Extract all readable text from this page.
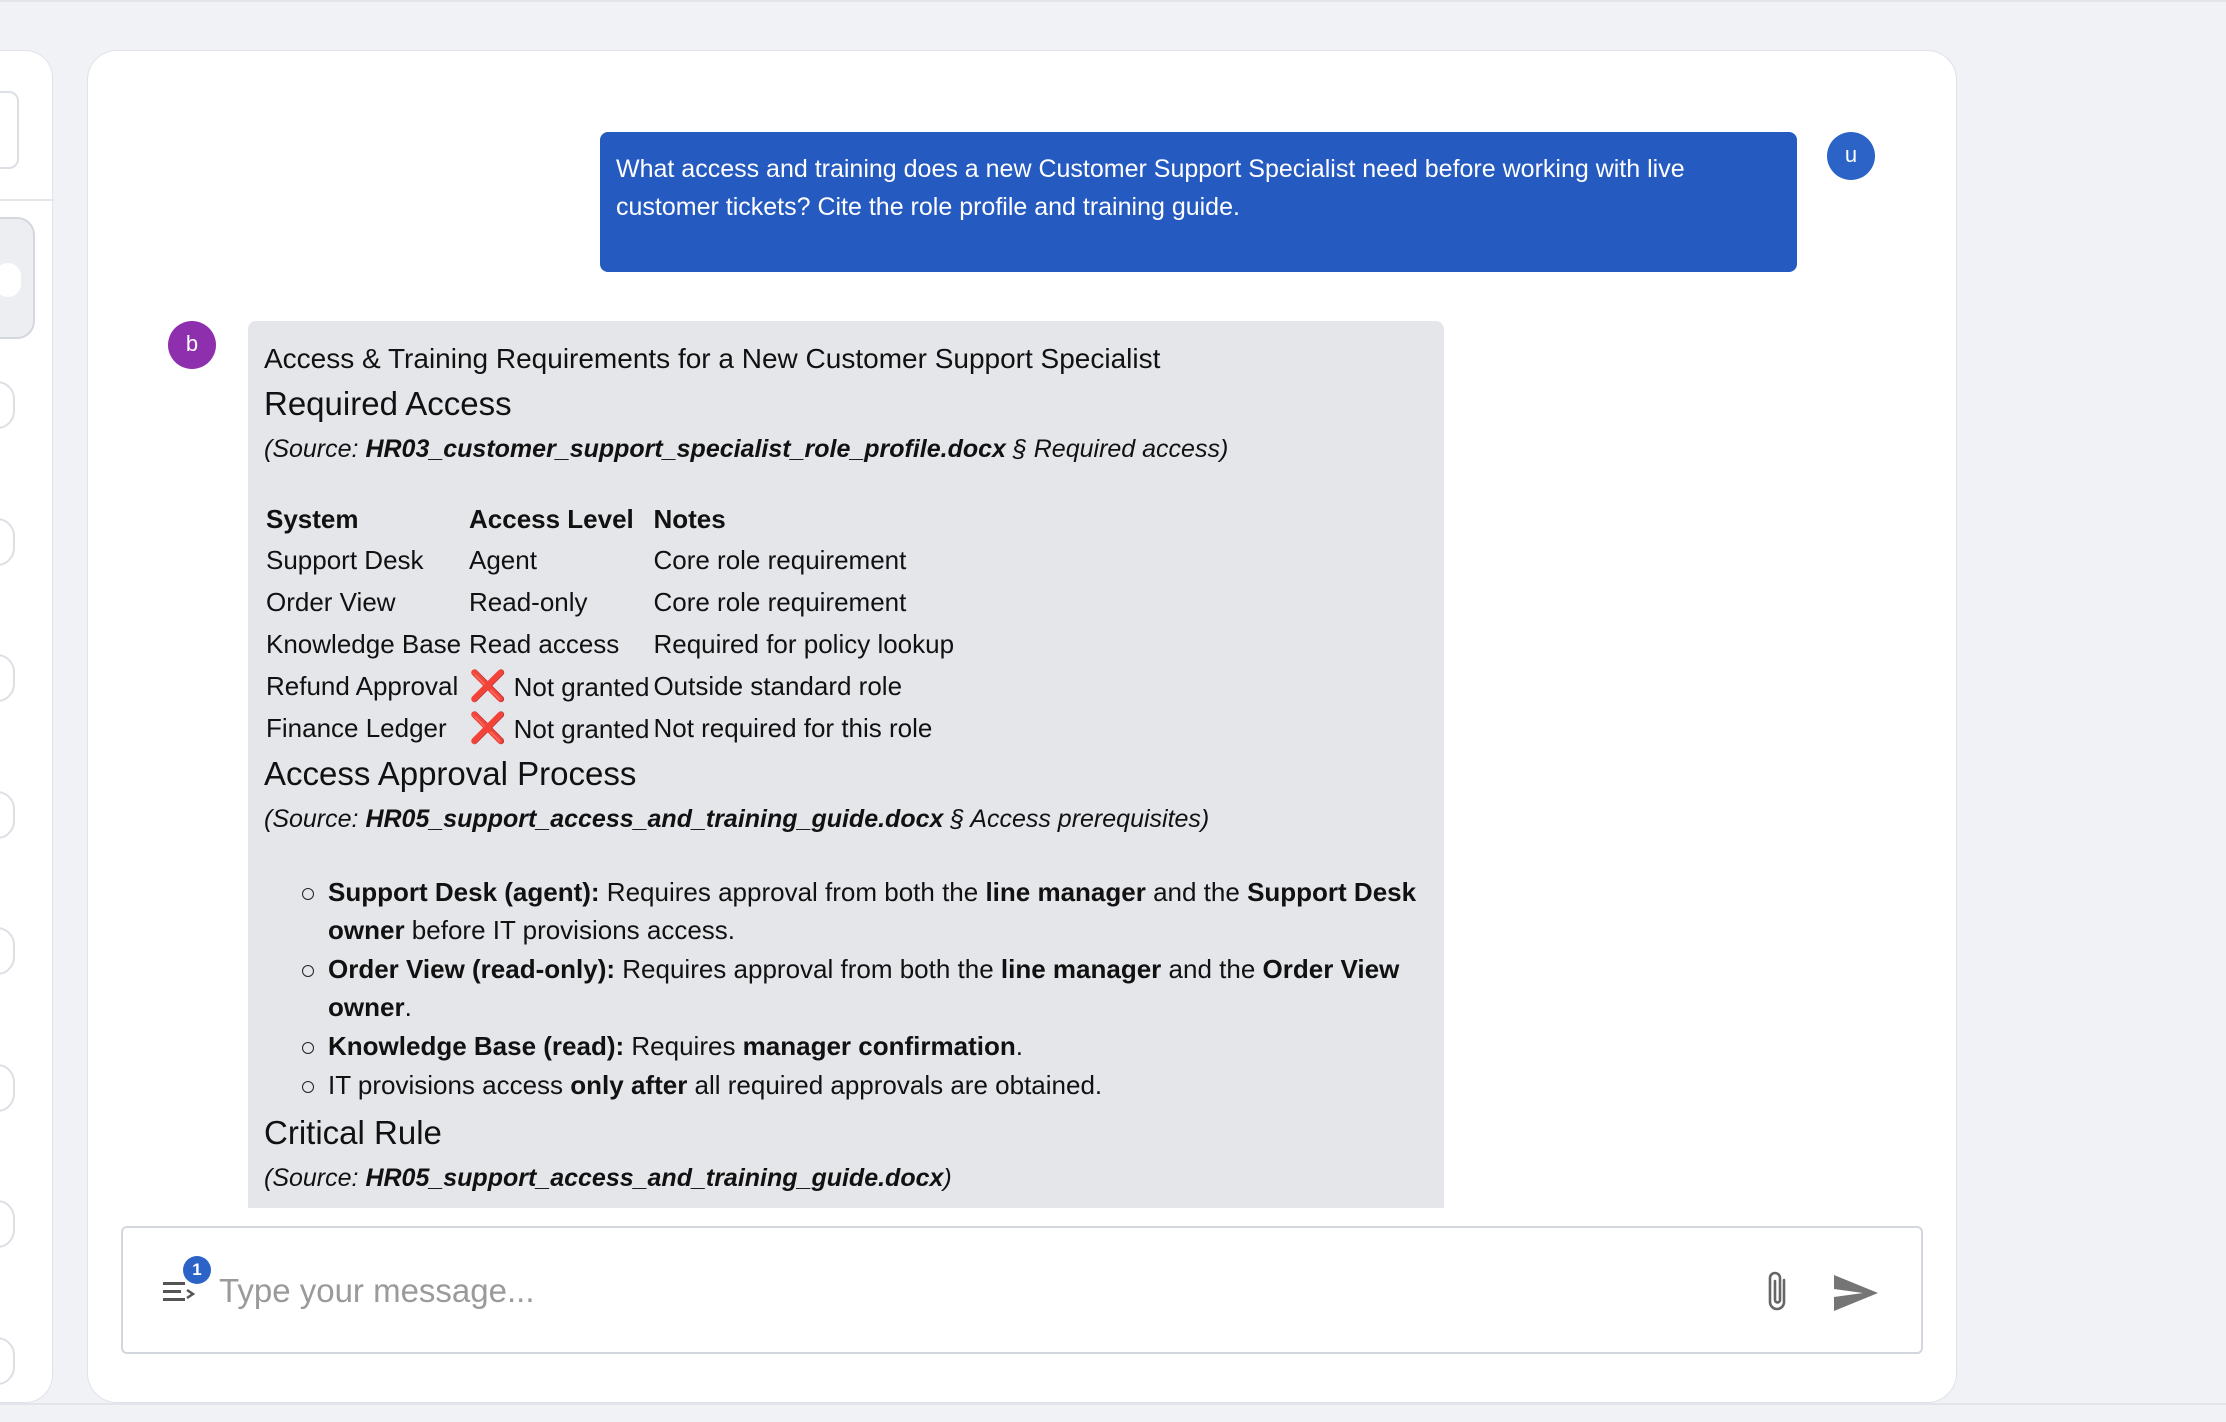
What access and training does a new Customer Support Specialist need before working with live customer tickets? Cite the role profile and training guide.
u
b	Access & Training Requirements for a New Customer Support Specialist
Required Access
(Source: HR03_customer_support_specialist_role_profile.docx § Required access)
System	Access Level	Notes
Support Desk	Agent	Core role requirement
Order View	Read-only	Core role requirement
Knowledge Base	Read access	Required for policy lookup
Refund Approval	❌ Not granted	Outside standard role
Finance Ledger	❌ Not granted	Not required for this role
Access Approval Process
(Source: HR05_support_access_and_training_guide.docx § Access prerequisites)
Support Desk (agent): Requires approval from both the line manager and the Support Desk owner before IT provisions access.
Order View (read-only): Requires approval from both the line manager and the Order View owner.
Knowledge Base (read): Requires manager confirmation.
IT provisions access only after all required approvals are obtained.
Critical Rule
(Source: HR05_support_access_and_training_guide.docx)
1
Type your message...
